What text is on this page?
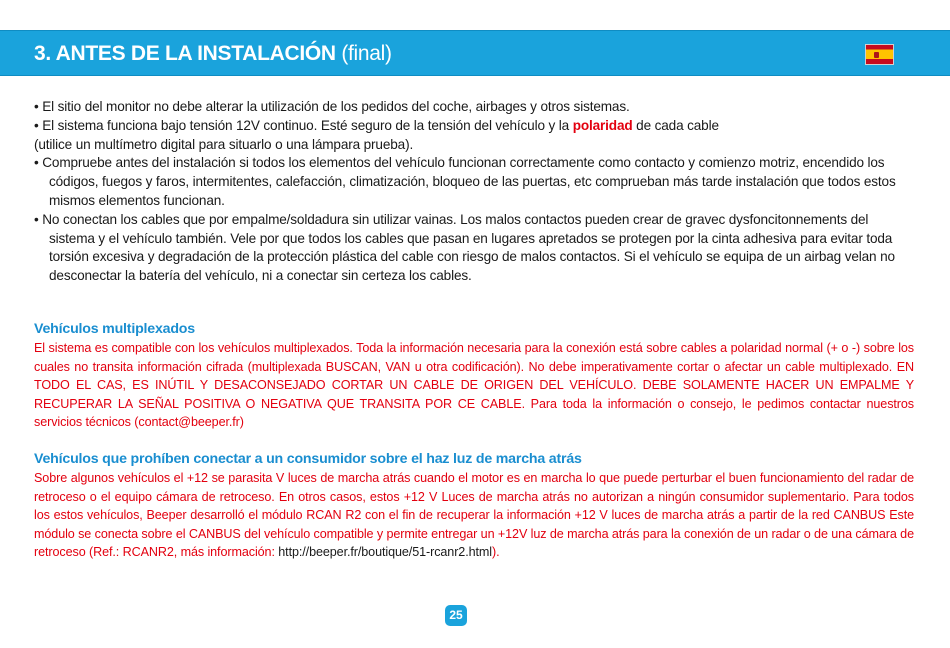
3. ANTES DE LA INSTALACIÓN (final)
• El sitio del monitor no debe alterar la utilización de los pedidos del coche, airbages y otros sistemas.
• El sistema funciona bajo tensión 12V continuo. Esté seguro de la tensión del vehículo y la polaridad de cada cable
(utilice un multímetro digital para situarlo o una lámpara prueba).
• Compruebe antes del instalación si todos los elementos del vehículo funcionan correctamente como contacto y comienzo motriz, encendido los códigos, fuegos y faros, intermitentes, calefacción, climatización, bloqueo de las puertas, etc comprueban más tarde instalación que todos estos mismos elementos funcionan.
• No conectan los cables que por empalme/soldadura sin utilizar vainas. Los malos contactos pueden crear de gravec dysfoncitonnements del sistema y el vehículo también. Vele por que todos los cables que pasan en lugares apretados se protegen por la cinta adhesiva para evitar toda torsión excesiva y degradación de la protección plástica del cable con riesgo de malos contactos. Si el vehículo se equipa de un airbag velan no desconectar la batería del vehículo, ni a conectar sin certeza los cables.
Vehículos multiplexados
El sistema es compatible con los vehículos multiplexados. Toda la información necesaria para la conexión está sobre cables a polaridad normal (+ o -) sobre los cuales no transita información cifrada (multiplexada BUSCAN, VAN u otra codificación). No debe imperativamente cortar o afectar un cable multiplexado. EN TODO EL CAS, ES INÚTIL Y DESACONSEJADO CORTAR UN CABLE DE ORIGEN DEL VEHÍCULO. DEBE SOLAMENTE HACER UN EMPALME Y RECUPERAR LA SEÑAL POSITIVA O NEGATIVA QUE TRANSITA POR CE CABLE. Para toda la información o consejo, le pedimos contactar nuestros servicios técnicos (contact@beeper.fr)
Vehículos que prohíben conectar a un consumidor sobre el haz luz de marcha atrás
Sobre algunos vehículos el +12 se parasita V luces de marcha atrás cuando el motor es en marcha lo que puede perturbar el buen funcionamiento del radar de retroceso o el equipo cámara de retroceso. En otros casos, estos +12 V Luces de marcha atrás no autorizan a ningún consumidor suplementario. Para todos los estos vehículos, Beeper desarrolló el módulo RCAN R2 con el fin de recuperar la información +12 V luces de marcha atrás a partir de la red CANBUS Este módulo se conecta sobre el CANBUS del vehículo compatible y permite entregar un +12V luz de marcha atrás para la conexión de un radar o de una cámara de retroceso (Ref.: RCANR2, más información: http://beeper.fr/boutique/51-rcanr2.html).
25
